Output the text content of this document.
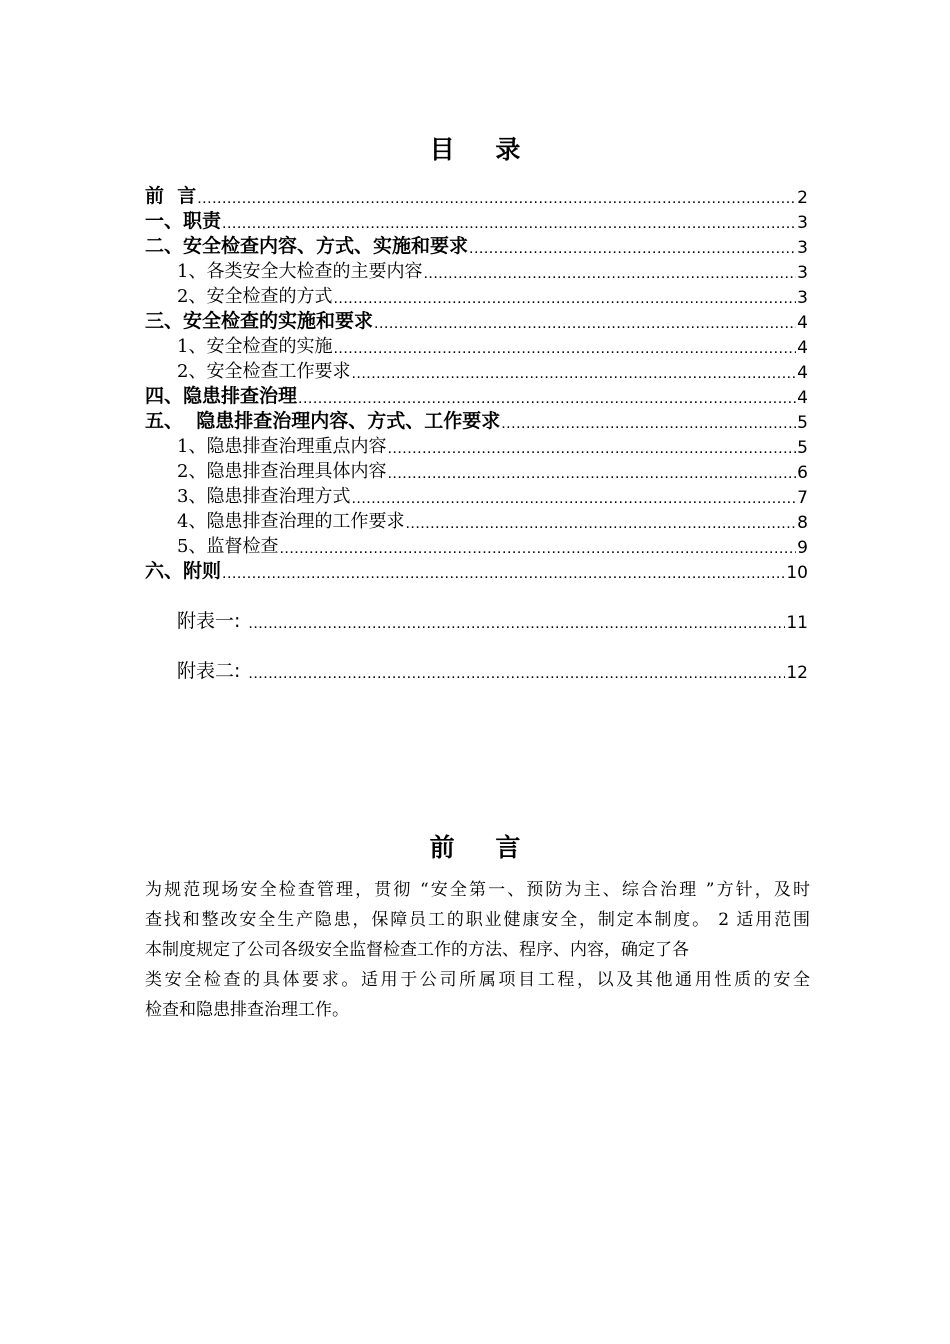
目 录
前  言 .....	2
一、职责 .....	3
二、安全检查内容、方式、实施和要求 .....	3
1、各类安全大检查的主要内容 .....	3
2、安全检查的方式 .....	3
三、安全检查的实施和要求 .....	4
1、安全检查的实施 .....	4
2、安全检查工作要求 .....	4
四、隐患排查治理 .....	4
五、  隐患排查治理内容、方式、工作要求 .....	5
1、隐患排查治理重点内容 .....	5
2、隐患排查治理具体内容 .....	6
3、隐患排查治理方式 .....	7
4、隐患排查治理的工作要求 .....	8
5、监督检查 .....	9
六、附则 .....	10
附表一: .....	11
附表二: .....	12
前 言

为规范现场安全检查管理，贯彻 “安全第一、预防为主、综合治理 ”方针，及时

查找和整改安全生产隐患，保障员工的职业健康安全，制定本制度。 2 适用范围

本制度规定了公司各级安全监督检查工作的方法、程序、内容，确定了各

类安全检查的具体要求。适用于公司所属项目工程，以及其他通用性质的安全

检查和隐患排查治理工作。
